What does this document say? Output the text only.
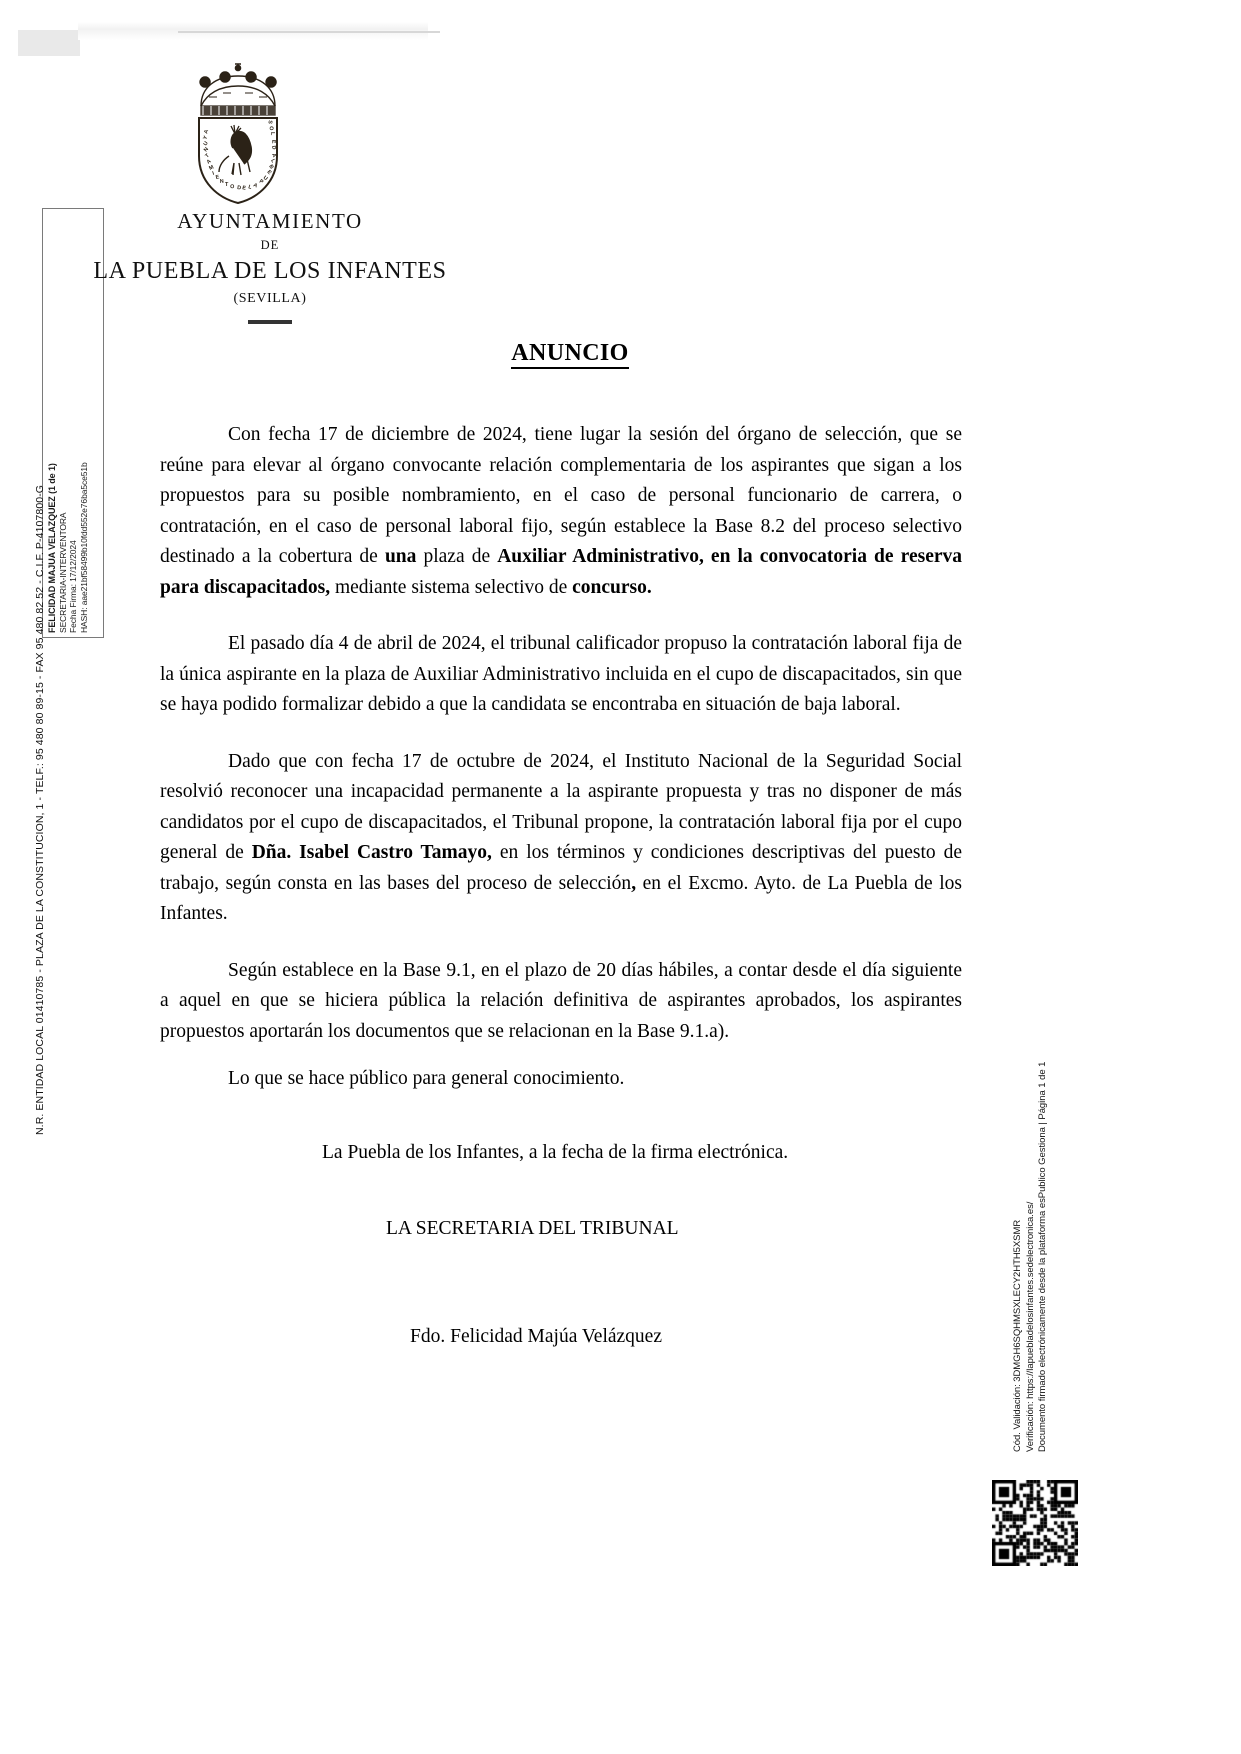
A
Y
U
N
T
A
M
I
E
N
T O D E L A
P
U
E
B
L
A
D
E
L
O
S
FELICIDAD MAJUA VELAZQUEZ (1 de 1) SECRETARIA-INTERVENTORA Fecha Firma: 17/12/2024 HASH: aae21bf58499b10fdd552e76ba5ce51b
N.R. ENTIDAD LOCAL 01410785 - PLAZA DE LA CONSTITUCION, 1 - TELF.: 95 480 80 89-15 - FAX 95 480 82 52 - C.I.F. P-4107800-G
AYUNTAMIENTO
DE
LA PUEBLA DE LOS INFANTES
(SEVILLA)
ANUNCIO

Con fecha 17 de diciembre de 2024, tiene lugar la sesión del órgano de selección, que se reúne para elevar al órgano convocante relación complementaria de los aspirantes que sigan a los propuestos para su posible nombramiento, en el caso de personal funcionario de carrera, o contratación, en el caso de personal laboral fijo, según establece la Base 8.2 del proceso selectivo destinado a la cobertura de una plaza de Auxiliar Administrativo, en la convocatoria de reserva para discapacitados, mediante sistema selectivo de concurso.

El pasado día 4 de abril de 2024, el tribunal calificador propuso la contratación laboral fija de la única aspirante en la plaza de Auxiliar Administrativo incluida en el cupo de discapacitados, sin que se haya podido formalizar debido a que la candidata se encontraba en situación de baja laboral.

Dado que con fecha 17 de octubre de 2024, el Instituto Nacional de la Seguridad Social resolvió reconocer una incapacidad permanente a la aspirante propuesta y tras no disponer de más candidatos por el cupo de discapacitados, el Tribunal propone, la contratación laboral fija por el cupo general de Dña. Isabel Castro Tamayo, en los términos y condiciones descriptivas del puesto de trabajo, según consta en las bases del proceso de selección, en el Excmo. Ayto. de La Puebla de los Infantes.

Según establece en la Base 9.1, en el plazo de 20 días hábiles, a contar desde el día siguiente a aquel en que se hiciera pública la relación definitiva de aspirantes aprobados, los aspirantes propuestos aportarán los documentos que se relacionan en la Base 9.1.a).

Lo que se hace público para general conocimiento.
La Puebla de los Infantes, a la fecha de la firma electrónica.
LA SECRETARIA DEL TRIBUNAL
Fdo. Felicidad Majúa Velázquez	Cód. Validación: 3DMGH6SQHMSXLECY2HTH5XSMR Verificación: https://lapuebladelosinfantes.sedelectronica.es/ Documento firmado electrónicamente desde la plataforma esPublico Gestiona | Página 1 de 1
